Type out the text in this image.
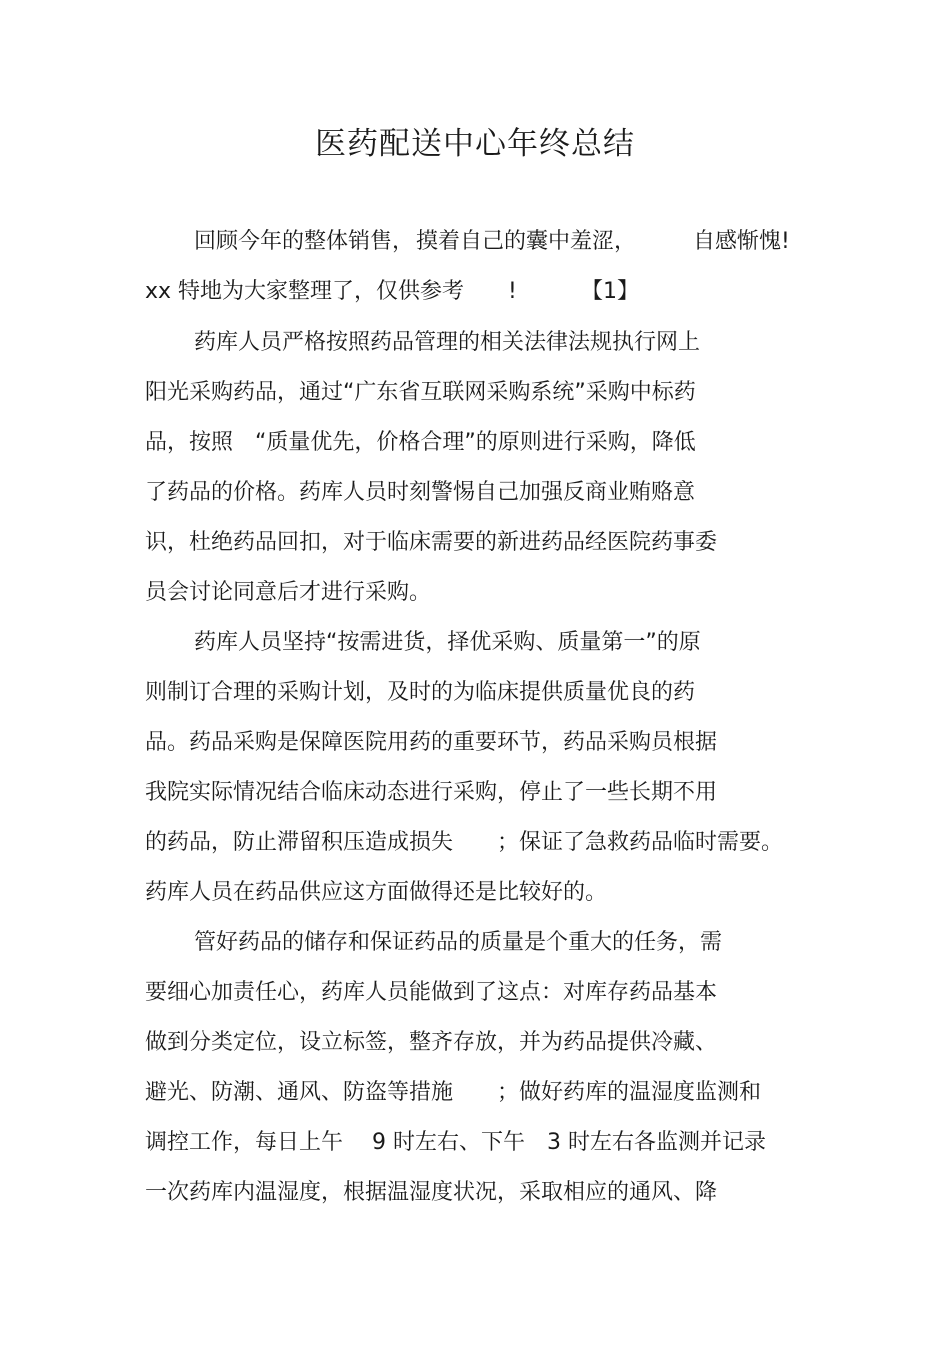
医药配送中心年终总结
回顾今年的整体销售， 摸着自己的囊中羞涩，	自感惭愧!
xx 特地为大家整理了，仅供参考 !	【1】
药库人员严格按照药品管理的相关法律法规执行网上
阳光采购药品，通过“广东省互联网采购系统”采购中标药
品，按照　“质量优先，价格合理”的原则进行采购，降低
了药品的价格。药库人员时刻警惕自己加强反商业贿赂意
识，杜绝药品回扣，对于临床需要的新进药品经医院药事委
员会讨论同意后才进行采购。
药库人员坚持“按需进货，择优采购、质量第一”的原
则制订合理的采购计划，及时的为临床提供质量优良的药
品。药品采购是保障医院用药的重要环节，药品采购员根据
我院实际情况结合临床动态进行采购，停止了一些长期不用
的药品，防止滞留积压造成损失　　；保证了急救药品临时需要。
药库人员在药品供应这方面做得还是比较好的。
管好药品的储存和保证药品的质量是个重大的任务，需
要细心加责任心，药库人员能做到了这点：对库存药品基本
做到分类定位，设立标签，整齐存放，并为药品提供冷藏、
避光、防潮、通风、防盗等措施　　；做好药库的温湿度监测和
调控工作，每日上午　 9 时左右、下午　3 时左右各监测并记录
一次药库内温湿度，根据温湿度状况，采取相应的通风、降
